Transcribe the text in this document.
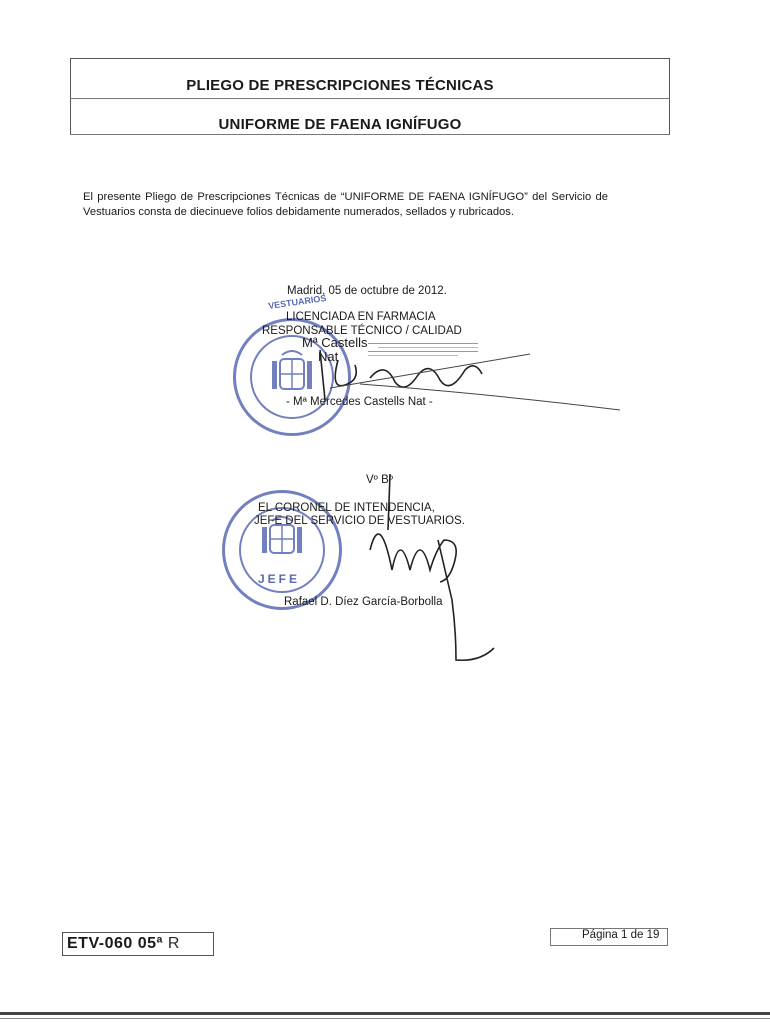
PLIEGO DE PRESCRIPCIONES TÉCNICAS
UNIFORME DE FAENA IGNÍFUGO
El presente Pliego de Prescripciones Técnicas de “UNIFORME DE FAENA IGNÍFUGO” del Servicio de Vestuarios consta de diecinueve folios debidamente numerados, sellados y rubricados.
Madrid, 05 de octubre de 2012.
VESTUARIOS
LICENCIADA EN FARMACIA
RESPONSABLE TÉCNICO / CALIDAD
Mª Castells
Nat
- Mª Mercedes Castells Nat -
Vº Bº
JEFE
EL CORONEL DE INTENDENCIA,
JEFE DEL SERVICIO DE VESTUARIOS.
Rafael D. Díez García-Borbolla
ETV-060 05ª R	Página 1 de 19
